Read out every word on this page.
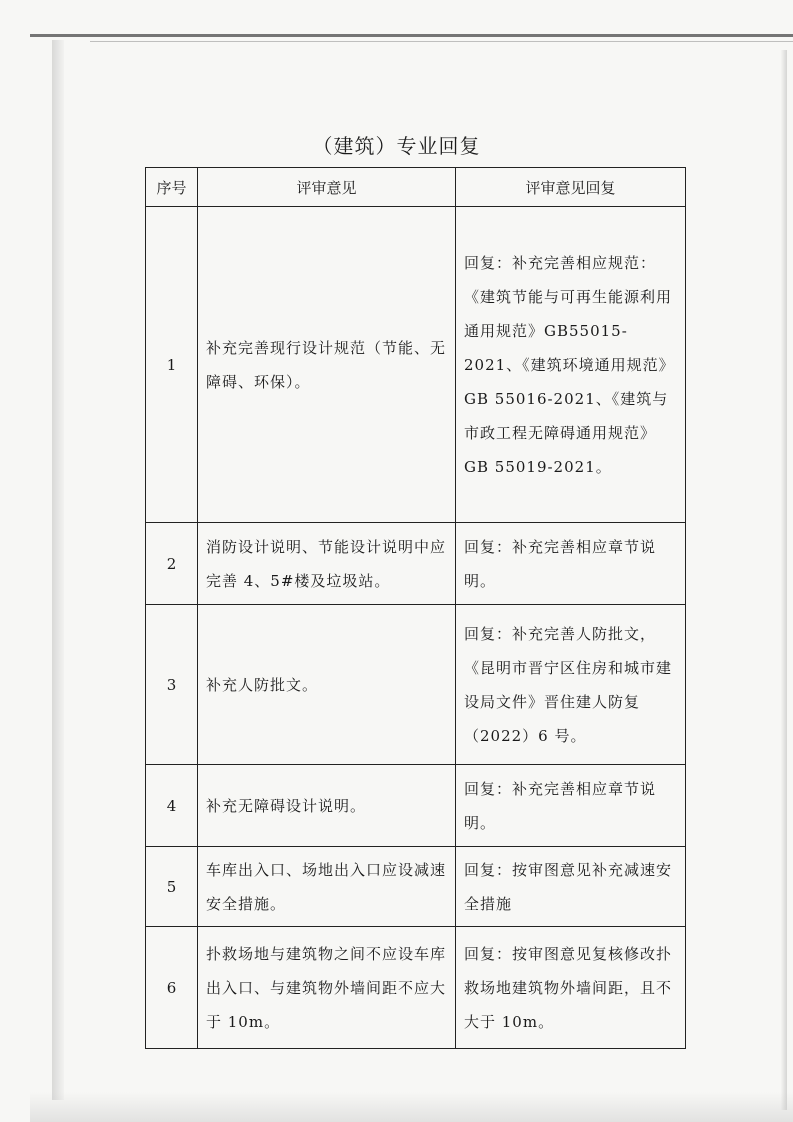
（建筑）专业回复
序号	评审意见	评审意见回复
1	补充完善现行设计规范（节能、无障碍、环保）。	回复：补充完善相应规范：《建筑节能与可再生能源利用通用规范》GB55015-2021、《建筑环境通用规范》GB 55016-2021、《建筑与市政工程无障碍通用规范》GB 55019-2021。
2	消防设计说明、节能设计说明中应完善 4、5#楼及垃圾站。	回复：补充完善相应章节说明。
3	补充人防批文。	回复：补充完善人防批文，《昆明市晋宁区住房和城市建设局文件》晋住建人防复（2022）6 号。
4	补充无障碍设计说明。	回复：补充完善相应章节说明。
5	车库出入口、场地出入口应设减速安全措施。	回复：按审图意见补充减速安全措施
6	扑救场地与建筑物之间不应设车库出入口、与建筑物外墙间距不应大于 10m。	回复：按审图意见复核修改扑救场地建筑物外墙间距，且不大于 10m。
